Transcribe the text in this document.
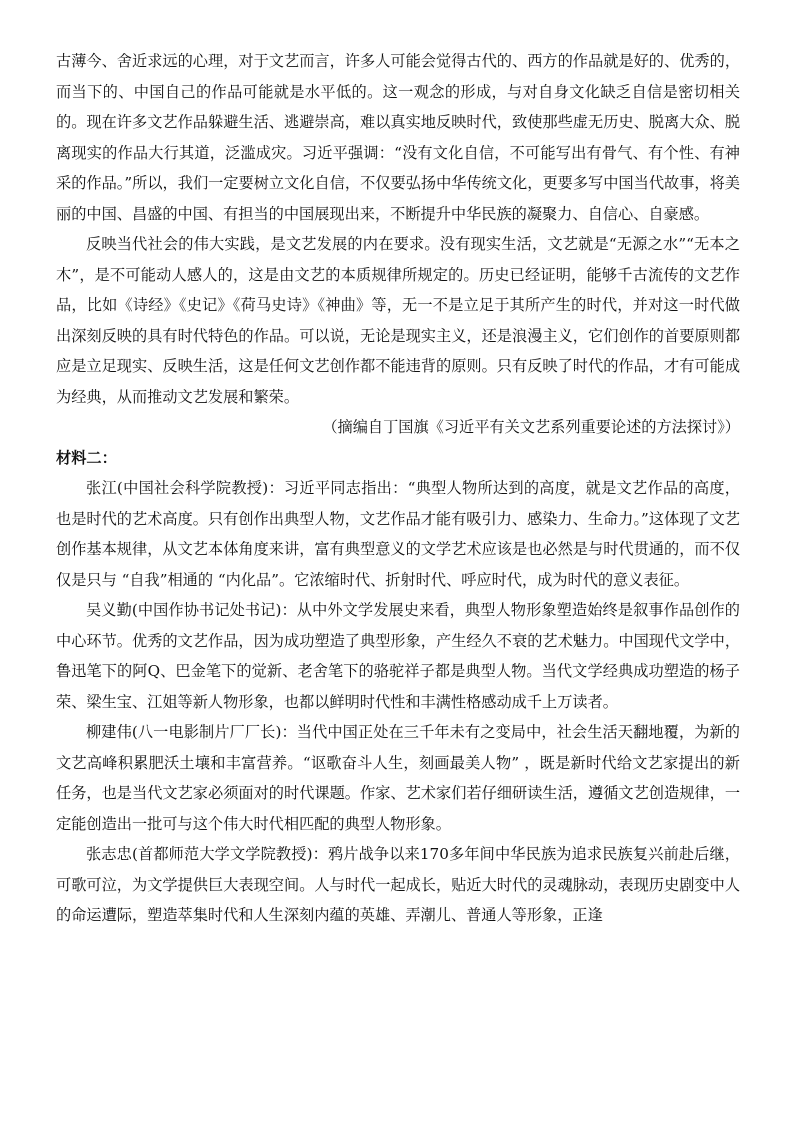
古薄今、舍近求远的心理，对于文艺而言，许多人可能会觉得古代的、西方的作品就是好的、优秀的，而当下的、中国自己的作品可能就是水平低的。这一观念的形成，与对自身文化缺乏自信是密切相关的。现在许多文艺作品躲避生活、逃避崇高，难以真实地反映时代，致使那些虚无历史、脱离大众、脱离现实的作品大行其道，泛滥成灾。习近平强调：“没有文化自信，不可能写出有骨气、有个性、有神采的作品。”所以，我们一定要树立文化自信，不仅要弘扬中华传统文化，更要多写中国当代故事，将美丽的中国、昌盛的中国、有担当的中国展现出来，不断提升中华民族的凝聚力、自信心、自豪感。

反映当代社会的伟大实践，是文艺发展的内在要求。没有现实生活，文艺就是“无源之水”“无本之木”，是不可能动人感人的，这是由文艺的本质规律所规定的。历史已经证明，能够千古流传的文艺作品，比如《诗经》《史记》《荷马史诗》《神曲》等，无一不是立足于其所产生的时代，并对这一时代做出深刻反映的具有时代特色的作品。可以说，无论是现实主义，还是浪漫主义，它们创作的首要原则都应是立足现实、反映生活，这是任何文艺创作都不能违背的原则。只有反映了时代的作品，才有可能成为经典，从而推动文艺发展和繁荣。

（摘编自丁国旗《习近平有关文艺系列重要论述的方法探讨》）

材料二：

张江(中国社会科学院教授)：习近平同志指出：“典型人物所达到的高度，就是文艺作品的高度，也是时代的艺术高度。只有创作出典型人物，文艺作品才能有吸引力、感染力、生命力。”这体现了文艺创作基本规律，从文艺本体角度来讲，富有典型意义的文学艺术应该是也必然是与时代贯通的，而不仅仅是只与 “自我”相通的 “内化品”。它浓缩时代、折射时代、呼应时代，成为时代的意义表征。

吴义勤(中国作协书记处书记)：从中外文学发展史来看，典型人物形象塑造始终是叙事作品创作的中心环节。优秀的文艺作品，因为成功塑造了典型形象，产生经久不衰的艺术魅力。中国现代文学中，鲁迅笔下的阿Q、巴金笔下的觉新、老舍笔下的骆驼祥子都是典型人物。当代文学经典成功塑造的杨子荣、梁生宝、江姐等新人物形象，也都以鲜明时代性和丰满性格感动成千上万读者。

柳建伟(八一电影制片厂厂长)：当代中国正处在三千年未有之变局中，社会生活天翻地覆，为新的文艺高峰积累肥沃土壤和丰富营养。“讴歌奋斗人生，刻画最美人物” ，既是新时代给文艺家提出的新任务，也是当代文艺家必须面对的时代课题。作家、艺术家们若仔细研读生活，遵循文艺创造规律，一定能创造出一批可与这个伟大时代相匹配的典型人物形象。

张志忠(首都师范大学文学院教授)：鸦片战争以来170多年间中华民族为追求民族复兴前赴后继，可歌可泣，为文学提供巨大表现空间。人与时代一起成长，贴近大时代的灵魂脉动，表现历史剧变中人的命运遭际，塑造萃集时代和人生深刻内蕴的英雄、弄潮儿、普通人等形象，正逢
